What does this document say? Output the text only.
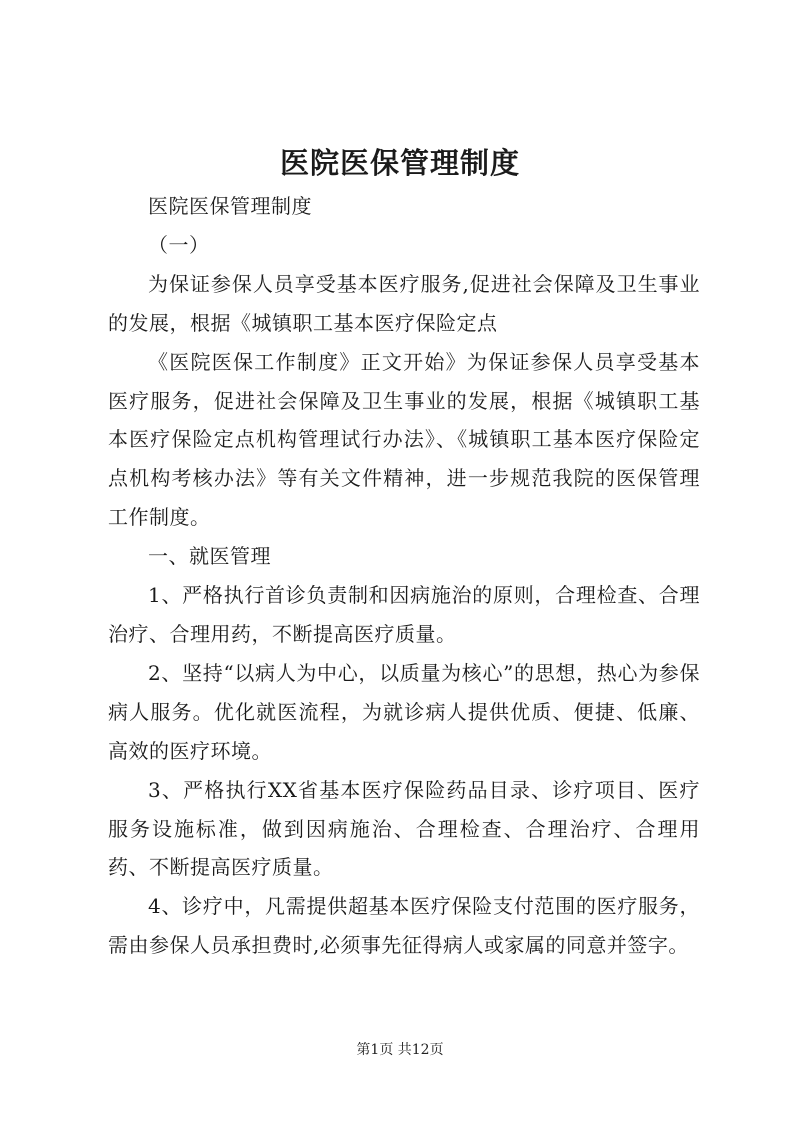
医院医保管理制度

医院医保管理制度

（一）

为保证参保人员享受基本医疗服务,促进社会保障及卫生事业的发展，根据《城镇职工基本医疗保险定点

《医院医保工作制度》正文开始》为保证参保人员享受基本医疗服务，促进社会保障及卫生事业的发展，根据《城镇职工基本医疗保险定点机构管理试行办法》、《城镇职工基本医疗保险定点机构考核办法》等有关文件精神，进一步规范我院的医保管理工作制度。

一、就医管理

1、严格执行首诊负责制和因病施治的原则，合理检查、合理治疗、合理用药，不断提高医疗质量。

2、坚持“以病人为中心，以质量为核心”的思想，热心为参保病人服务。优化就医流程，为就诊病人提供优质、便捷、低廉、高效的医疗环境。

3、严格执行XX省基本医疗保险药品目录、诊疗项目、医疗服务设施标准，做到因病施治、合理检查、合理治疗、合理用药、不断提高医疗质量。

4、诊疗中，凡需提供超基本医疗保险支付范围的医疗服务，需由参保人员承担费时,必须事先征得病人或家属的同意并签字。

第1页 共12页
